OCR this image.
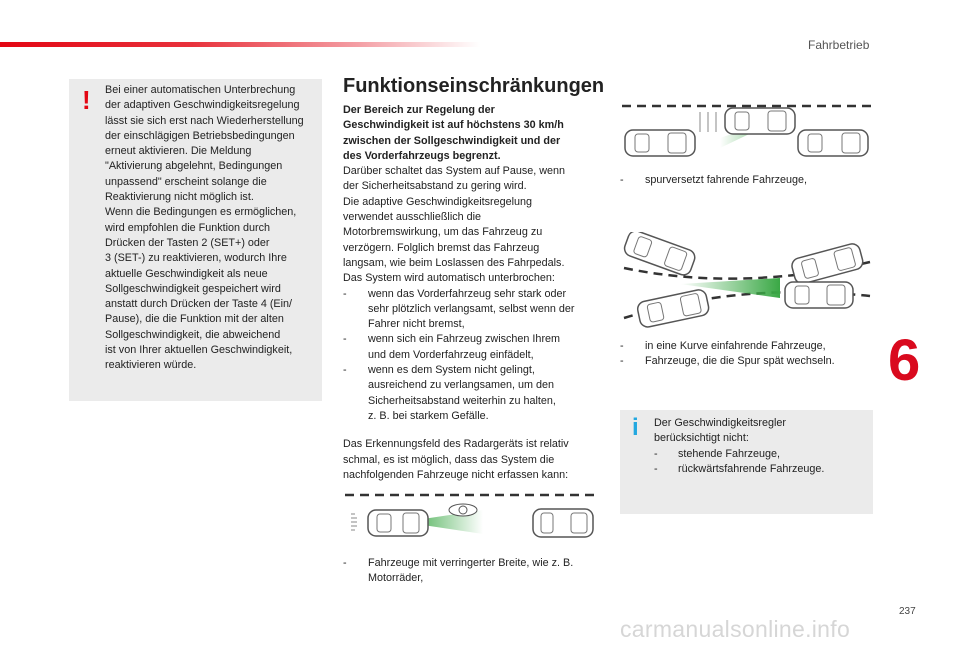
Fahrbetrieb
! Bei einer automatischen Unterbrechung
der adaptiven Geschwindigkeitsregelung
lässt sie sich erst nach Wiederherstellung
der einschlägigen Betriebsbedingungen
erneut aktivieren. Die Meldung
"Aktivierung abgelehnt, Bedingungen
unpassend" erscheint solange die
Reaktivierung nicht möglich ist.
Wenn die Bedingungen es ermöglichen,
wird empfohlen die Funktion durch
Drücken der Tasten 2 (SET+) oder
3 (SET-) zu reaktivieren, wodurch Ihre
aktuelle Geschwindigkeit als neue
Sollgeschwindigkeit gespeichert wird
anstatt durch Drücken der Taste 4 (Ein/
Pause), die die Funktion mit der alten
Sollgeschwindigkeit, die abweichend
ist von Ihrer aktuellen Geschwindigkeit,
reaktivieren würde.
Funktionseinschränkungen
Der Bereich zur Regelung der
Geschwindigkeit ist auf höchstens 30 km/h
zwischen der Sollgeschwindigkeit und der
des Vorderfahrzeugs begrenzt.
Darüber schaltet das System auf Pause, wenn
der Sicherheitsabstand zu gering wird.
Die adaptive Geschwindigkeitsregelung
verwendet ausschließlich die
Motorbremswirkung, um das Fahrzeug zu
verzögern. Folglich bremst das Fahrzeug
langsam, wie beim Loslassen des Fahrpedals.
Das System wird automatisch unterbrochen:
-	wenn das Vorderfahrzeug sehr stark oder
sehr plötzlich verlangsamt, selbst wenn der
Fahrer nicht bremst,
-	wenn sich ein Fahrzeug zwischen Ihrem
und dem Vorderfahrzeug einfädelt,
-	wenn es dem System nicht gelingt,
ausreichend zu verlangsamen, um den
Sicherheitsabstand weiterhin zu halten,
z. B. bei starkem Gefälle.
Das Erkennungsfeld des Radargeräts ist relativ
schmal, es ist möglich, dass das System die
nachfolgenden Fahrzeuge nicht erfassen kann:
-	Fahrzeuge mit verringerter Breite, wie z. B.
Motorräder,
-	spurversetzt fahrende Fahrzeuge,
-	in eine Kurve einfahrende Fahrzeuge,
-	Fahrzeuge, die die Spur spät wechseln.
i Der Geschwindigkeitsregler
berücksichtigt nicht:
-	stehende Fahrzeuge,
-	rückwärtsfahrende Fahrzeuge.
6
237
carmanualsonline.info
